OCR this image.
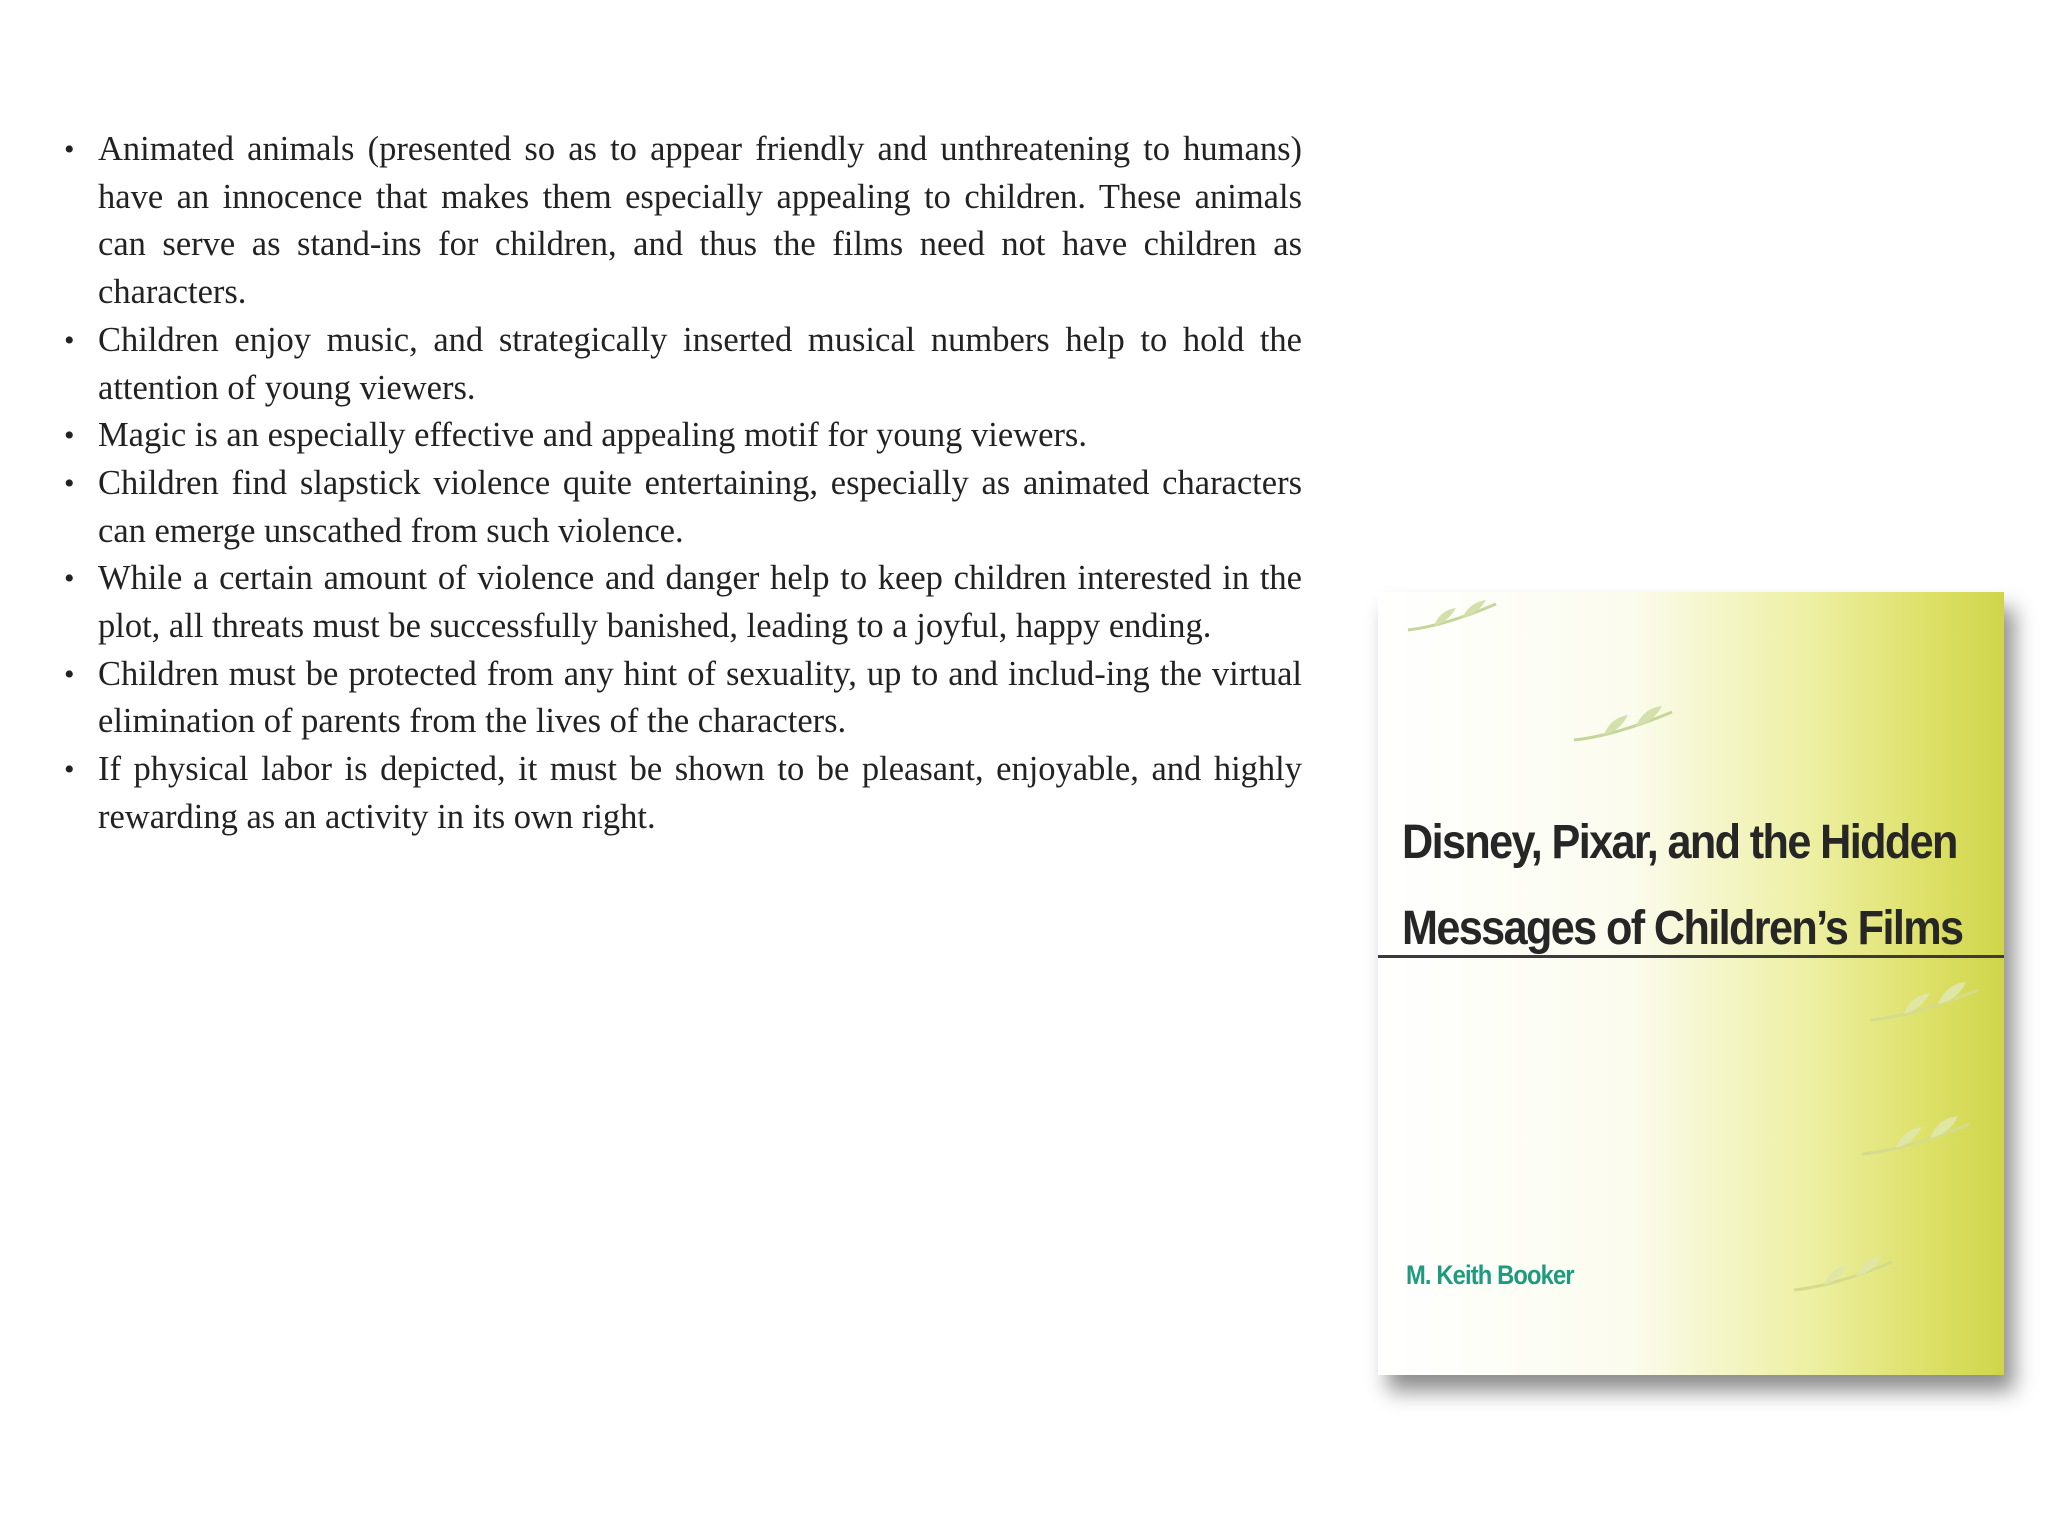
• Animated animals (presented so as to appear friendly and unthreatening to humans) have an innocence that makes them especially appealing to children. These animals can serve as stand-ins for children, and thus the films need not have children as characters.
• Children enjoy music, and strategically inserted musical numbers help to hold the attention of young viewers.
• Magic is an especially effective and appealing motif for young viewers.
• Children find slapstick violence quite entertaining, especially as animated characters can emerge unscathed from such violence.
• While a certain amount of violence and danger help to keep children interested in the plot, all threats must be successfully banished, leading to a joyful, happy ending.
• Children must be protected from any hint of sexuality, up to and includ-ing the virtual elimination of parents from the lives of the characters.
• If physical labor is depicted, it must be shown to be pleasant, enjoyable, and highly rewarding as an activity in its own right.	Disney, Pixar, and the Hidden
Messages of Children’s Films
M. Keith Booker
